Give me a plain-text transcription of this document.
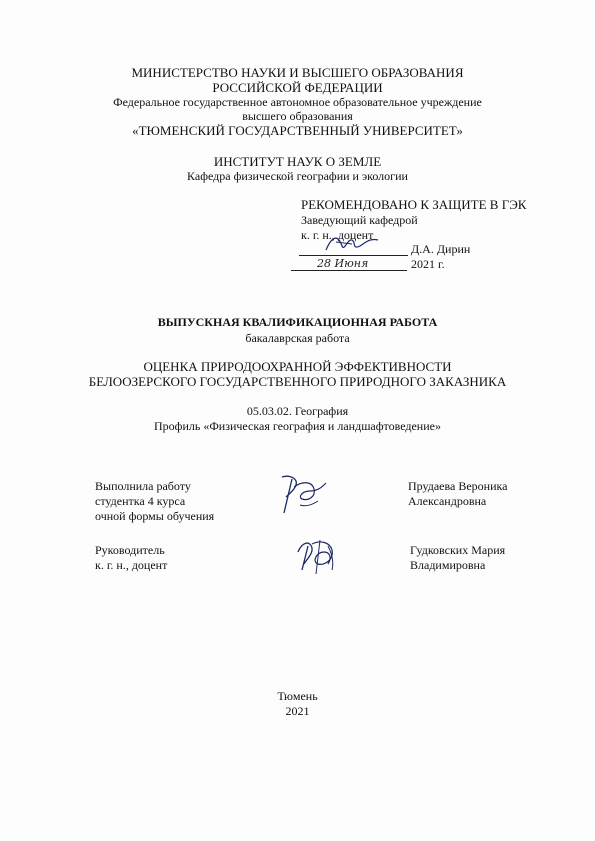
МИНИСТЕРСТВО НАУКИ И ВЫСШЕГО ОБРАЗОВАНИЯ
РОССИЙСКОЙ ФЕДЕРАЦИИ
Федеральное государственное автономное образовательное учреждение
высшего образования
«ТЮМЕНСКИЙ ГОСУДАРСТВЕННЫЙ УНИВЕРСИТЕТ»
ИНСТИТУТ НАУК О ЗЕМЛЕ
Кафедра физической географии и экологии
РЕКОМЕНДОВАНО К ЗАЩИТЕ В ГЭК
Заведующий кафедрой
к. г. н., доцент
Д.А. Дирин
28 Июня	2021 г.
ВЫПУСКНАЯ КВАЛИФИКАЦИОННАЯ РАБОТА
бакалаврская работа
ОЦЕНКА ПРИРОДООХРАННОЙ ЭФФЕКТИВНОСТИ
БЕЛООЗЕРСКОГО ГОСУДАРСТВЕННОГО ПРИРОДНОГО ЗАКАЗНИКА
05.03.02. География
Профиль «Физическая география и ландшафтоведение»
Выполнила работу
студентка 4 курса
очной формы обучения
Прудаева Вероника
Александровна
Руководитель
к. г. н., доцент
Гудковских Мария
Владимировна
Тюмень
2021
